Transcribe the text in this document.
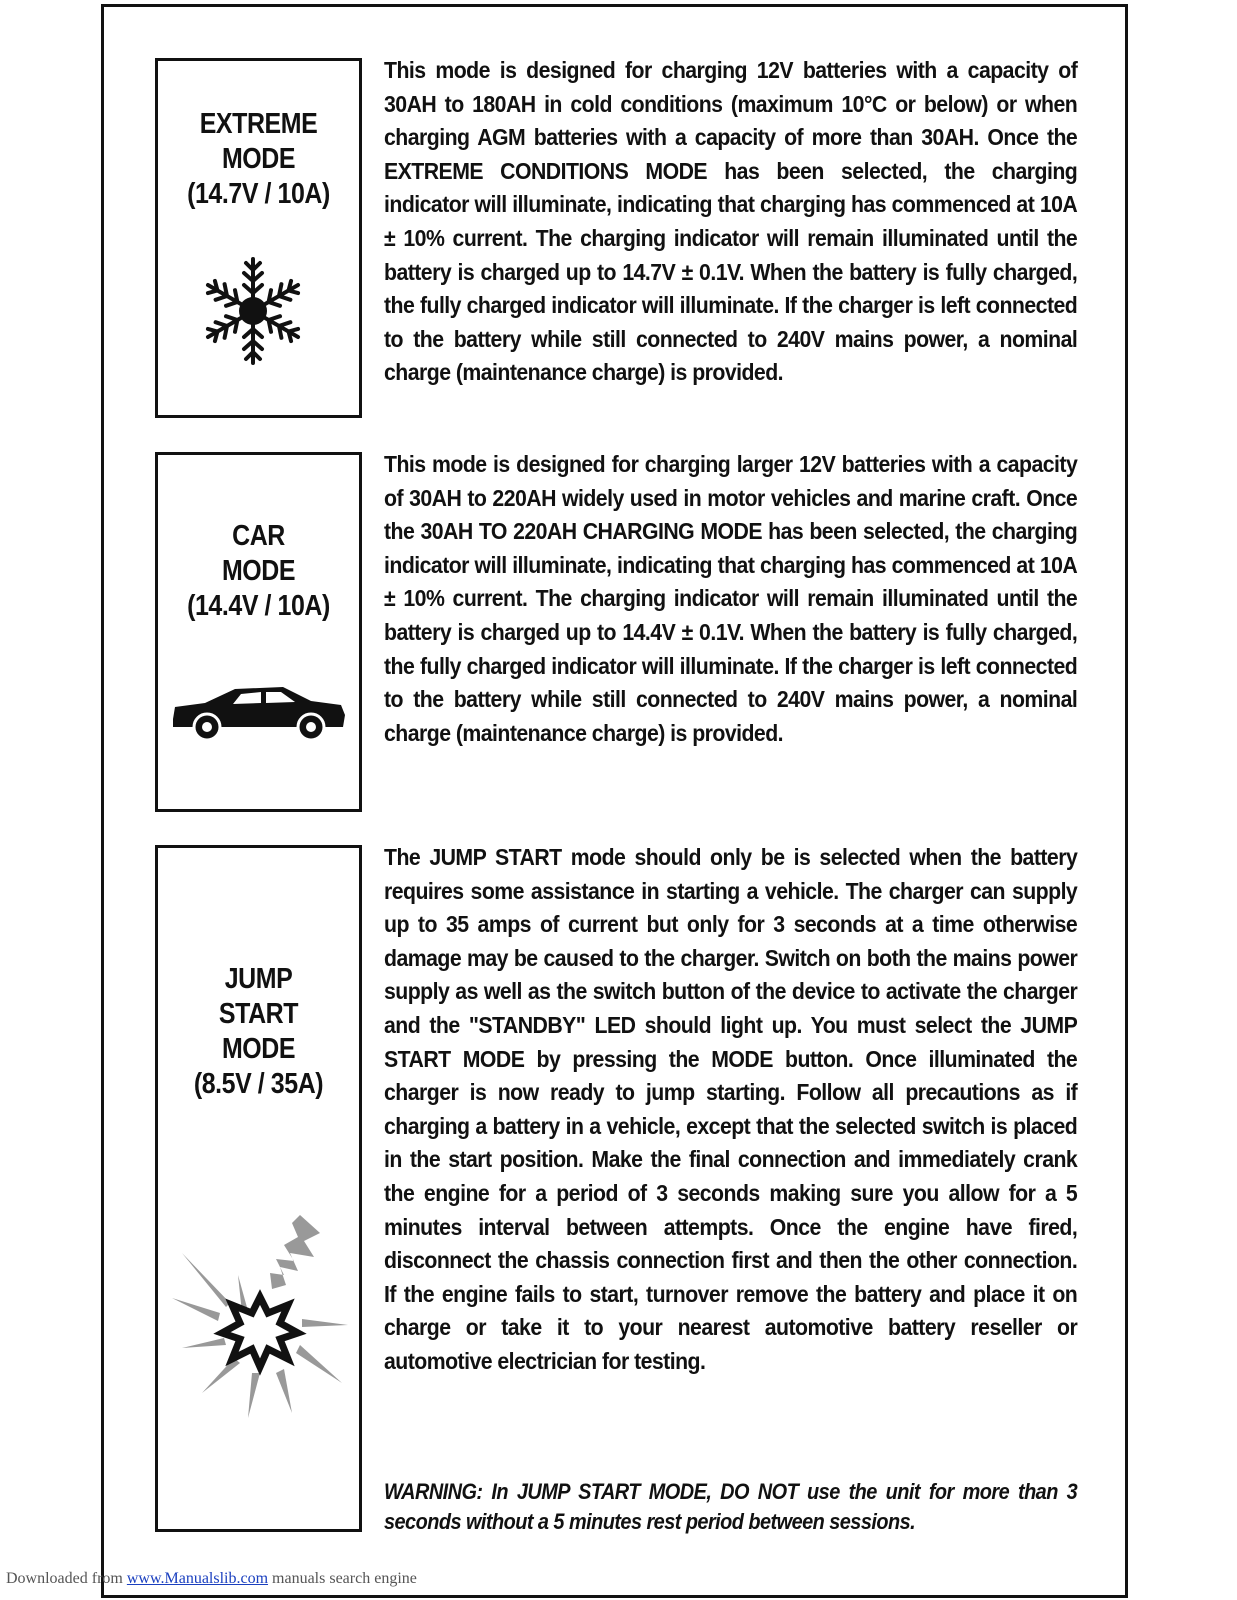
EXTREME
MODE
(14.7V / 10A)
This mode is designed for charging 12V batteries with a capacity of 30AH to 180AH in cold conditions (maximum 10°C or below) or when charging AGM batteries with a capacity of more than 30AH. Once the EXTREME CONDITIONS MODE has been selected, the charging indicator will illuminate, indicating that charging has commenced at 10A ± 10% current. The charging indicator will remain illuminated until the battery is charged up to 14.7V ± 0.1V. When the battery is fully charged, the fully charged indicator will illuminate. If the charger is left connected to the battery while still connected to 240V mains power, a nominal charge (maintenance charge) is provided.
CAR
MODE
(14.4V / 10A)
This mode is designed for charging larger 12V batteries with a capacity of 30AH to 220AH widely used in motor vehicles and marine craft. Once the 30AH TO 220AH CHARGING MODE has been selected, the charging indicator will illuminate, indicating that charging has commenced at 10A ± 10% current. The charging indicator will remain illuminated until the battery is charged up to 14.4V ± 0.1V. When the battery is fully charged, the fully charged indicator will illuminate. If the charger is left connected to the battery while still connected to 240V mains power, a nominal charge (maintenance charge) is provided.
JUMP
START
MODE
(8.5V / 35A)
The JUMP START mode should only be is selected when the battery requires some assistance in starting a vehicle. The charger can supply up to 35 amps of current but only for 3 seconds at a time otherwise damage may be caused to the charger. Switch on both the mains power supply as well as the switch button of the device to activate the charger and the "STANDBY" LED should light up. You must select the JUMP START MODE by pressing the MODE button. Once illuminated the charger is now ready to jump starting. Follow all precautions as if charging a battery in a vehicle, except that the selected switch is placed in the start position. Make the final connection and immediately crank the engine for a period of 3 seconds making sure you allow for a 5 minutes interval between attempts. Once the engine have fired, disconnect the chassis connection first and then the other connection. If the engine fails to start, turnover remove the battery and place it on charge or take it to your nearest automotive battery reseller or automotive electrician for testing.
WARNING: In JUMP START MODE, DO NOT use the unit for more than 3 seconds without a 5 minutes rest period between sessions.
Downloaded from www.Manualslib.com manuals search engine
